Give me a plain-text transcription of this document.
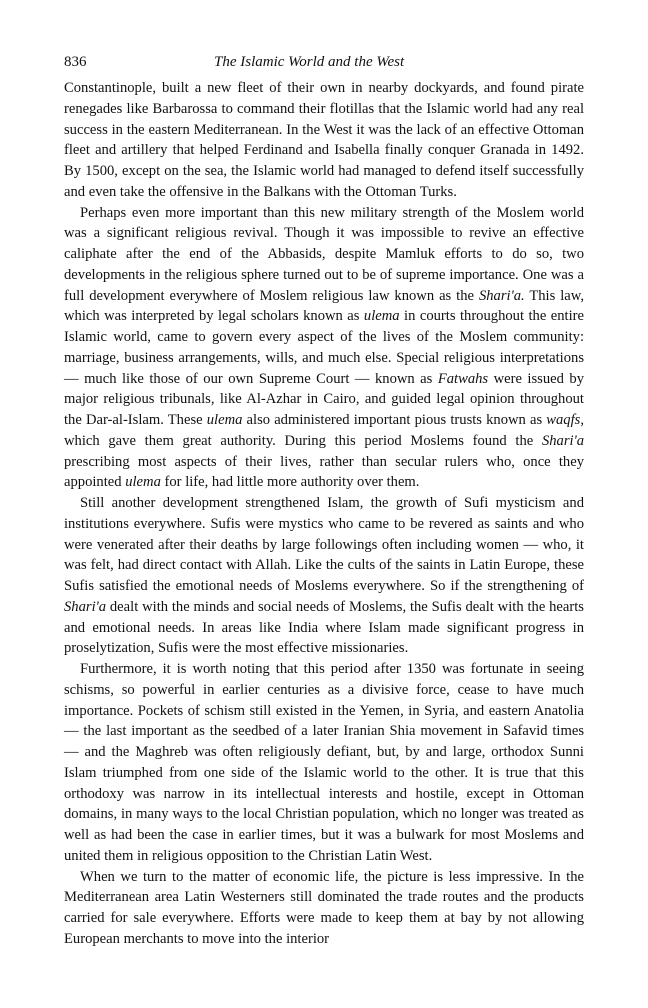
836	The Islamic World and the West

Constantinople, built a new fleet of their own in nearby dockyards, and found pirate renegades like Barbarossa to command their flotillas that the Islamic world had any real success in the eastern Mediterranean. In the West it was the lack of an effective Ottoman fleet and artillery that helped Ferdinand and Isabella finally conquer Granada in 1492. By 1500, except on the sea, the Islamic world had managed to defend itself successfully and even take the offensive in the Balkans with the Ottoman Turks.

Perhaps even more important than this new military strength of the Moslem world was a significant religious revival. Though it was impossible to revive an effective caliphate after the end of the Abbasids, despite Mamluk efforts to do so, two developments in the religious sphere turned out to be of supreme importance. One was a full development everywhere of Moslem religious law known as the Shari'a. This law, which was interpreted by legal scholars known as ulema in courts throughout the entire Islamic world, came to govern every aspect of the lives of the Moslem community: marriage, business arrangements, wills, and much else. Special religious interpretations — much like those of our own Supreme Court — known as Fatwahs were issued by major religious tribunals, like Al-Azhar in Cairo, and guided legal opinion throughout the Dar-al-Islam. These ulema also administered important pious trusts known as waqfs, which gave them great authority. During this period Moslems found the Shari'a prescribing most aspects of their lives, rather than secular rulers who, once they appointed ulema for life, had little more authority over them.

Still another development strengthened Islam, the growth of Sufi mysticism and institutions everywhere. Sufis were mystics who came to be revered as saints and who were venerated after their deaths by large followings often including women — who, it was felt, had direct contact with Allah. Like the cults of the saints in Latin Europe, these Sufis satisfied the emotional needs of Moslems everywhere. So if the strengthening of Shari'a dealt with the minds and social needs of Moslems, the Sufis dealt with the hearts and emotional needs. In areas like India where Islam made significant progress in proselytization, Sufis were the most effective missionaries.

Furthermore, it is worth noting that this period after 1350 was fortunate in seeing schisms, so powerful in earlier centuries as a divisive force, cease to have much importance. Pockets of schism still existed in the Yemen, in Syria, and eastern Anatolia — the last important as the seedbed of a later Iranian Shia movement in Safavid times — and the Maghreb was often religiously defiant, but, by and large, orthodox Sunni Islam triumphed from one side of the Islamic world to the other. It is true that this orthodoxy was narrow in its intellectual interests and hostile, except in Ottoman domains, in many ways to the local Christian population, which no longer was treated as well as had been the case in earlier times, but it was a bulwark for most Moslems and united them in religious opposition to the Christian Latin West.

When we turn to the matter of economic life, the picture is less impressive. In the Mediterranean area Latin Westerners still dominated the trade routes and the products carried for sale everywhere. Efforts were made to keep them at bay by not allowing European merchants to move into the interior
